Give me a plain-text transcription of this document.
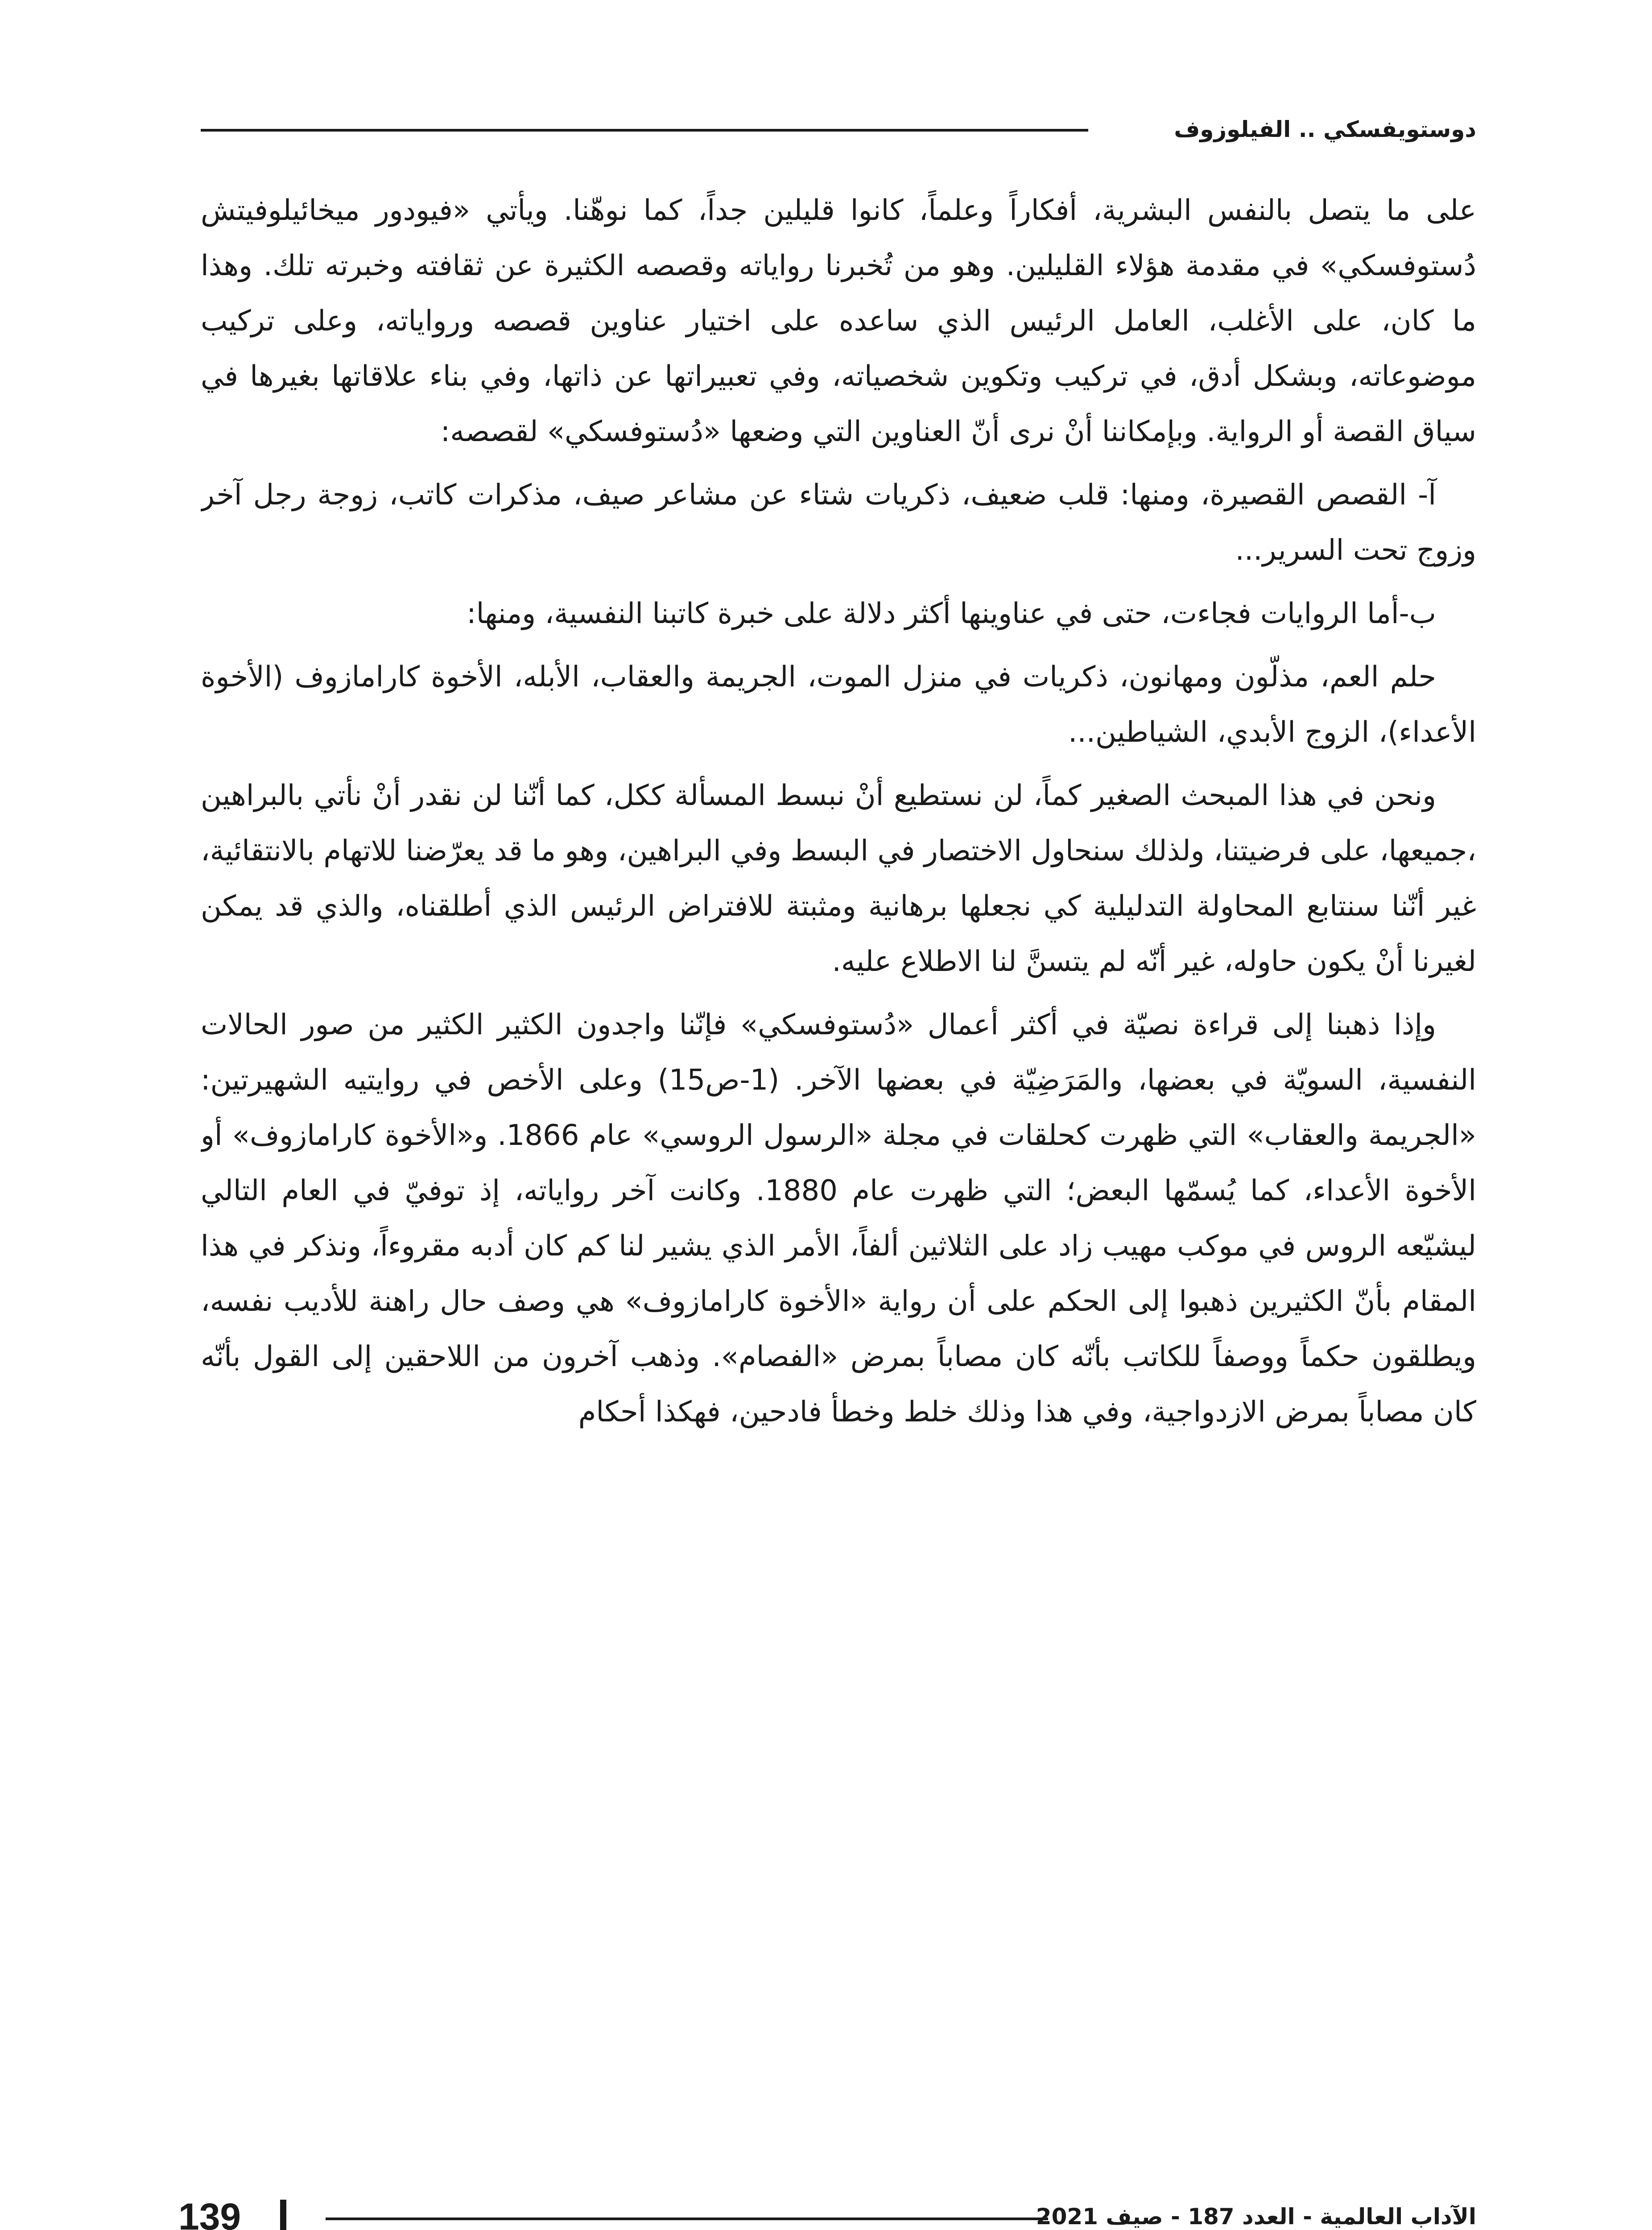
دوستويفسكي .. الفيلوزوف

على ما يتصل بالنفس البشرية، أفكاراً وعلماً، كانوا قليلين جداً، كما نوهّنا. ويأتي «فيودور ميخائيلوفيتش دُستوفسكي» في مقدمة هؤلاء القليلين. وهو من تُخبرنا رواياته وقصصه الكثيرة عن ثقافته وخبرته تلك. وهذا ما كان، على الأغلب، العامل الرئيس الذي ساعده على اختيار عناوين قصصه ورواياته، وعلى تركيب موضوعاته، وبشكل أدق، في تركيب وتكوين شخصياته، وفي تعبيراتها عن ذاتها، وفي بناء علاقاتها بغيرها في سياق القصة أو الرواية. وبإمكاننا أنْ نرى أنّ العناوين التي وضعها «دُستوفسكي» لقصصه:

آ- القصص القصيرة، ومنها: قلب ضعيف، ذكريات شتاء عن مشاعر صيف، مذكرات كاتب، زوجة رجل آخر وزوج تحت السرير...

ب-أما الروايات فجاءت، حتى في عناوينها أكثر دلالة على خبرة كاتبنا النفسية، ومنها:

حلم العم، مذلّون ومهانون، ذكريات في منزل الموت، الجريمة والعقاب، الأبله، الأخوة كارامازوف (الأخوة الأعداء)، الزوج الأبدي، الشياطين...

ونحن في هذا المبحث الصغير كماً، لن نستطيع أنْ نبسط المسألة ككل، كما أنّنا لن نقدر أنْ نأتي بالبراهين ،جميعها، على فرضيتنا، ولذلك سنحاول الاختصار في البسط وفي البراهين، وهو ما قد يعرّضنا للاتهام بالانتقائية، غير أنّنا سنتابع المحاولة التدليلية كي نجعلها برهانية ومثبتة للافتراض الرئيس الذي أطلقناه، والذي قد يمكن لغيرنا أنْ يكون حاوله، غير أنّه لم يتسنَّ لنا الاطلاع عليه.

وإذا ذهبنا إلى قراءة نصيّة في أكثر أعمال «دُستوفسكي» فإنّنا واجدون الكثير الكثير من صور الحالات النفسية، السويّة في بعضها، والمَرَضِيّة في بعضها الآخر. (1-ص15) وعلى الأخص في روايتيه الشهيرتين: «الجريمة والعقاب» التي ظهرت كحلقات في مجلة «الرسول الروسي» عام 1866. و«الأخوة كارامازوف» أو الأخوة الأعداء، كما يُسمّها البعض؛ التي ظهرت عام 1880. وكانت آخر رواياته، إذ توفيّ في العام التالي ليشيّعه الروس في موكب مهيب زاد على الثلاثين ألفاً، الأمر الذي يشير لنا كم كان أدبه مقروءاً، ونذكر في هذا المقام بأنّ الكثيرين ذهبوا إلى الحكم على أن رواية «الأخوة كارامازوف» هي وصف حال راهنة للأديب نفسه، ويطلقون حكماً ووصفاً للكاتب بأنّه كان مصاباً بمرض «الفصام». وذهب آخرون من اللاحقين إلى القول بأنّه كان مصاباً بمرض الازدواجية، وفي هذا وذلك خلط وخطأ فادحين، فهكذا أحكام

139	الآداب العالمية - العدد 187 - صيف 2021
